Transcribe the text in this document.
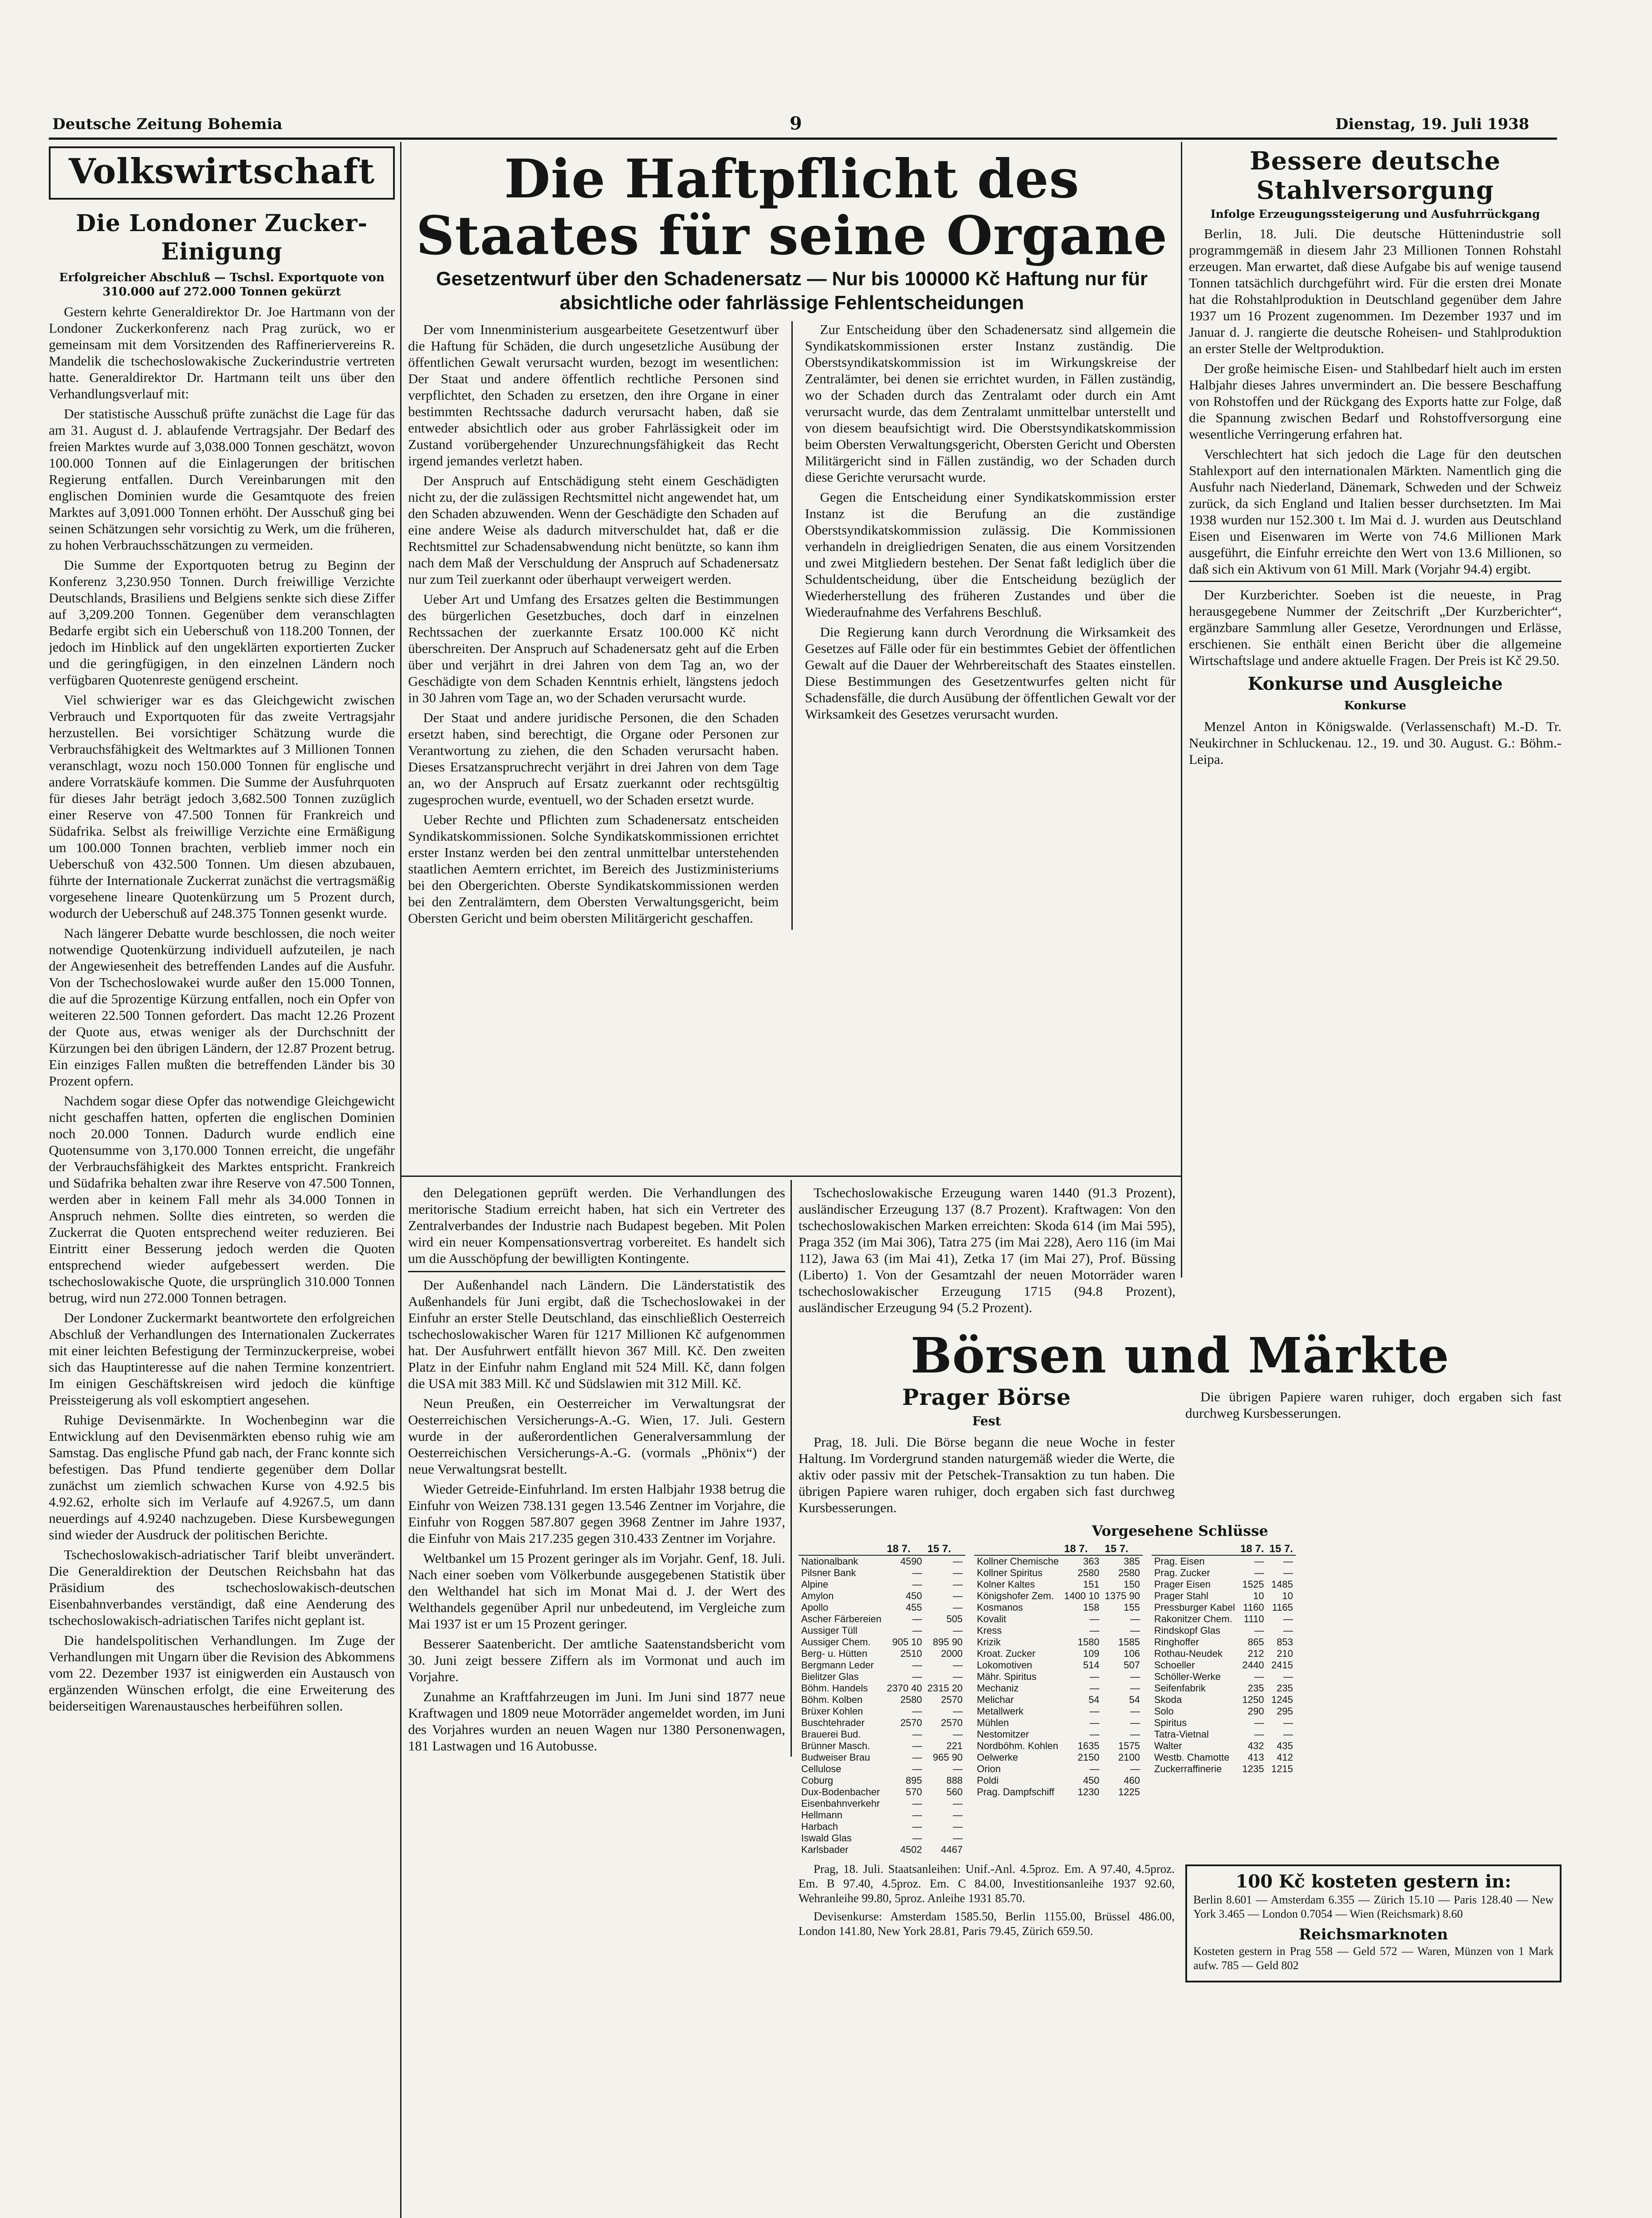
Deutsche Zeitung Bohemia	9	Dienstag, 19. Juli 1938
Volkswirtschaft
Die Londoner Zucker-Einigung
Erfolgreicher Abschluß — Tschsl. Exportquote von 310.000 auf 272.000 Tonnen gekürzt

Gestern kehrte Generaldirektor Dr. Joe Hartmann von der Londoner Zuckerkonferenz nach Prag zurück, wo er gemeinsam mit dem Vorsitzenden des Raffineriervereins R. Mandelik die tschechoslowakische Zuckerindustrie vertreten hatte. Generaldirektor Dr. Hartmann teilt uns über den Verhandlungsverlauf mit:

Der statistische Ausschuß prüfte zunächst die Lage für das am 31. August d. J. ablaufende Vertragsjahr. Der Bedarf des freien Marktes wurde auf 3,038.000 Tonnen geschätzt, wovon 100.000 Tonnen auf die Einlagerungen der britischen Regierung entfallen. Durch Vereinbarungen mit den englischen Dominien wurde die Gesamtquote des freien Marktes auf 3,091.000 Tonnen erhöht. Der Ausschuß ging bei seinen Schätzungen sehr vorsichtig zu Werk, um die früheren, zu hohen Verbrauchsschätzungen zu vermeiden.

Die Summe der Exportquoten betrug zu Beginn der Konferenz 3,230.950 Tonnen. Durch freiwillige Verzichte Deutschlands, Brasiliens und Belgiens senkte sich diese Ziffer auf 3,209.200 Tonnen. Gegenüber dem veranschlagten Bedarfe ergibt sich ein Ueberschuß von 118.200 Tonnen, der jedoch im Hinblick auf den ungeklärten exportierten Zucker und die geringfügigen, in den einzelnen Ländern noch verfügbaren Quotenreste genügend erscheint.

Viel schwieriger war es das Gleichgewicht zwischen Verbrauch und Exportquoten für das zweite Vertragsjahr herzustellen. Bei vorsichtiger Schätzung wurde die Verbrauchsfähigkeit des Weltmarktes auf 3 Millionen Tonnen veranschlagt, wozu noch 150.000 Tonnen für englische und andere Vorratskäufe kommen. Die Summe der Ausfuhrquoten für dieses Jahr beträgt jedoch 3,682.500 Tonnen zuzüglich einer Reserve von 47.500 Tonnen für Frankreich und Südafrika. Selbst als freiwillige Verzichte eine Ermäßigung um 100.000 Tonnen brachten, verblieb immer noch ein Ueberschuß von 432.500 Tonnen. Um diesen abzubauen, führte der Internationale Zuckerrat zunächst die vertragsmäßig vorgesehene lineare Quotenkürzung um 5 Prozent durch, wodurch der Ueberschuß auf 248.375 Tonnen gesenkt wurde.

Nach längerer Debatte wurde beschlossen, die noch weiter notwendige Quotenkürzung individuell aufzuteilen, je nach der Angewiesenheit des betreffenden Landes auf die Ausfuhr. Von der Tschechoslowakei wurde außer den 15.000 Tonnen, die auf die 5prozentige Kürzung entfallen, noch ein Opfer von weiteren 22.500 Tonnen gefordert. Das macht 12.26 Prozent der Quote aus, etwas weniger als der Durchschnitt der Kürzungen bei den übrigen Ländern, der 12.87 Prozent betrug. Ein einziges Fallen mußten die betreffenden Länder bis 30 Prozent opfern.

Nachdem sogar diese Opfer das notwendige Gleichgewicht nicht geschaffen hatten, opferten die englischen Dominien noch 20.000 Tonnen. Dadurch wurde endlich eine Quotensumme von 3,170.000 Tonnen erreicht, die ungefähr der Verbrauchsfähigkeit des Marktes entspricht. Frankreich und Südafrika behalten zwar ihre Reserve von 47.500 Tonnen, werden aber in keinem Fall mehr als 34.000 Tonnen in Anspruch nehmen. Sollte dies eintreten, so werden die Zuckerrat die Quoten entsprechend weiter reduzieren. Bei Eintritt einer Besserung jedoch werden die Quoten entsprechend wieder aufgebessert werden. Die tschechoslowakische Quote, die ursprünglich 310.000 Tonnen betrug, wird nun 272.000 Tonnen betragen.

Der Londoner Zuckermarkt beantwortete den erfolgreichen Abschluß der Verhandlungen des Internationalen Zuckerrates mit einer leichten Befestigung der Terminzuckerpreise, wobei sich das Hauptinteresse auf die nahen Termine konzentriert. Im einigen Geschäftskreisen wird jedoch die künftige Preissteigerung als voll eskomptiert angesehen.

Ruhige Devisenmärkte. In Wochenbeginn war die Entwicklung auf den Devisenmärkten ebenso ruhig wie am Samstag. Das englische Pfund gab nach, der Franc konnte sich befestigen. Das Pfund tendierte gegenüber dem Dollar zunächst um ziemlich schwachen Kurse von 4.92.5 bis 4.92.62, erholte sich im Verlaufe auf 4.9267.5, um dann neuerdings auf 4.9240 nachzugeben. Diese Kursbewegungen sind wieder der Ausdruck der politischen Berichte.

Tschechoslowakisch-adriatischer Tarif bleibt unverändert. Die Generaldirektion der Deutschen Reichsbahn hat das Präsidium des tschechoslowakisch-deutschen Eisenbahnverbandes verständigt, daß eine Aenderung des tschechoslowakisch-adriatischen Tarifes nicht geplant ist.

Die handelspolitischen Verhandlungen. Im Zuge der Verhandlungen mit Ungarn über die Revision des Abkommens vom 22. Dezember 1937 ist einigwerden ein Austausch von ergänzenden Wünschen erfolgt, die eine Erweiterung des beiderseitigen Warenaustausches herbeiführen sollen.

Die Haftpflicht des Staates für seine Organe
Gesetzentwurf über den Schadenersatz — Nur bis 100000 Kč Haftung nur für absichtliche oder fahrlässige Fehlentscheidungen

Der vom Innenministerium ausgearbeitete Gesetzentwurf über die Haftung für Schäden, die durch ungesetzliche Ausübung der öffentlichen Gewalt verursacht wurden, bezogt im wesentlichen: Der Staat und andere öffentlich rechtliche Personen sind verpflichtet, den Schaden zu ersetzen, den ihre Organe in einer bestimmten Rechtssache dadurch verursacht haben, daß sie entweder absichtlich oder aus grober Fahrlässigkeit oder im Zustand vorübergehender Unzurechnungsfähigkeit das Recht irgend jemandes verletzt haben.

Der Anspruch auf Entschädigung steht einem Geschädigten nicht zu, der die zulässigen Rechtsmittel nicht angewendet hat, um den Schaden abzuwenden. Wenn der Geschädigte den Schaden auf eine andere Weise als dadurch mitverschuldet hat, daß er die Rechtsmittel zur Schadensabwendung nicht benützte, so kann ihm nach dem Maß der Verschuldung der Anspruch auf Schadenersatz nur zum Teil zuerkannt oder überhaupt verweigert werden.

Ueber Art und Umfang des Ersatzes gelten die Bestimmungen des bürgerlichen Gesetzbuches, doch darf in einzelnen Rechtssachen der zuerkannte Ersatz 100.000 Kč nicht überschreiten. Der Anspruch auf Schadenersatz geht auf die Erben über und verjährt in drei Jahren von dem Tag an, wo der Geschädigte von dem Schaden Kenntnis erhielt, längstens jedoch in 30 Jahren vom Tage an, wo der Schaden verursacht wurde.

Der Staat und andere juridische Personen, die den Schaden ersetzt haben, sind berechtigt, die Organe oder Personen zur Verantwortung zu ziehen, die den Schaden verursacht haben. Dieses Ersatzanspruchrecht verjährt in drei Jahren von dem Tage an, wo der Anspruch auf Ersatz zuerkannt oder rechtsgültig zugesprochen wurde, eventuell, wo der Schaden ersetzt wurde.

Ueber Rechte und Pflichten zum Schadenersatz entscheiden Syndikatskommissionen. Solche Syndikatskommissionen errichtet erster Instanz werden bei den zentral unmittelbar unterstehenden staatlichen Aemtern errichtet, im Bereich des Justizministeriums bei den Obergerichten. Oberste Syndikatskommissionen werden bei den Zentralämtern, dem Obersten Verwaltungsgericht, beim Obersten Gericht und beim obersten Militärgericht geschaffen.

Zur Entscheidung über den Schadenersatz sind allgemein die Syndikatskommissionen erster Instanz zuständig. Die Oberstsyndikatskommission ist im Wirkungskreise der Zentralämter, bei denen sie errichtet wurden, in Fällen zuständig, wo der Schaden durch das Zentralamt oder durch ein Amt verursacht wurde, das dem Zentralamt unmittelbar unterstellt und von diesem beaufsichtigt wird. Die Oberstsyndikatskommission beim Obersten Verwaltungsgericht, Obersten Gericht und Obersten Militärgericht sind in Fällen zuständig, wo der Schaden durch diese Gerichte verursacht wurde.

Gegen die Entscheidung einer Syndikatskommission erster Instanz ist die Berufung an die zuständige Oberstsyndikatskommission zulässig. Die Kommissionen verhandeln in dreigliedrigen Senaten, die aus einem Vorsitzenden und zwei Mitgliedern bestehen. Der Senat faßt lediglich über die Schuldentscheidung, über die Entscheidung bezüglich der Wiederherstellung des früheren Zustandes und über die Wiederaufnahme des Verfahrens Beschluß.

Die Regierung kann durch Verordnung die Wirksamkeit des Gesetzes auf Fälle oder für ein bestimmtes Gebiet der öffentlichen Gewalt auf die Dauer der Wehrbereitschaft des Staates einstellen. Diese Bestimmungen des Gesetzentwurfes gelten nicht für Schadensfälle, die durch Ausübung der öffentlichen Gewalt vor der Wirksamkeit des Gesetzes verursacht wurden.

Bessere deutsche Stahlversorgung
Infolge Erzeugungssteigerung und Ausfuhrrückgang

Berlin, 18. Juli. Die deutsche Hüttenindustrie soll programmgemäß in diesem Jahr 23 Millionen Tonnen Rohstahl erzeugen. Man erwartet, daß diese Aufgabe bis auf wenige tausend Tonnen tatsächlich durchgeführt wird. Für die ersten drei Monate hat die Rohstahlproduktion in Deutschland gegenüber dem Jahre 1937 um 16 Prozent zugenommen. Im Dezember 1937 und im Januar d. J. rangierte die deutsche Roheisen- und Stahlproduktion an erster Stelle der Weltproduktion.

Der große heimische Eisen- und Stahlbedarf hielt auch im ersten Halbjahr dieses Jahres unvermindert an. Die bessere Beschaffung von Rohstoffen und der Rückgang des Exports hatte zur Folge, daß die Spannung zwischen Bedarf und Rohstoffversorgung eine wesentliche Verringerung erfahren hat.

Verschlechtert hat sich jedoch die Lage für den deutschen Stahlexport auf den internationalen Märkten. Namentlich ging die Ausfuhr nach Niederland, Dänemark, Schweden und der Schweiz zurück, da sich England und Italien besser durchsetzten. Im Mai 1938 wurden nur 152.300 t. Im Mai d. J. wurden aus Deutschland Eisen und Eisenwaren im Werte von 74.6 Millionen Mark ausgeführt, die Einfuhr erreichte den Wert von 13.6 Millionen, so daß sich ein Aktivum von 61 Mill. Mark (Vorjahr 94.4) ergibt.

Der Kurzberichter. Soeben ist die neueste, in Prag herausgegebene Nummer der Zeitschrift „Der Kurzberichter“, ergänzbare Sammlung aller Gesetze, Verordnungen und Erlässe, erschienen. Sie enthält einen Bericht über die allgemeine Wirtschaftslage und andere aktuelle Fragen. Der Preis ist Kč 29.50.

Konkurse und Ausgleiche
Konkurse

Menzel Anton in Königswalde. (Verlassenschaft) M.-D. Tr. Neukirchner in Schluckenau. 12., 19. und 30. August. G.: Böhm.-Leipa.

den Delegationen geprüft werden. Die Verhandlungen des meritorische Stadium erreicht haben, hat sich ein Vertreter des Zentralverbandes der Industrie nach Budapest begeben. Mit Polen wird ein neuer Kompensationsvertrag vorbereitet. Es handelt sich um die Ausschöpfung der bewilligten Kontingente.

Der Außenhandel nach Ländern. Die Länderstatistik des Außenhandels für Juni ergibt, daß die Tschechoslowakei in der Einfuhr an erster Stelle Deutschland, das einschließlich Oesterreich tschechoslowakischer Waren für 1217 Millionen Kč aufgenommen hat. Der Ausfuhrwert entfällt hievon 367 Mill. Kč. Den zweiten Platz in der Einfuhr nahm England mit 524 Mill. Kč, dann folgen die USA mit 383 Mill. Kč und Südslawien mit 312 Mill. Kč.

Neun Preußen, ein Oesterreicher im Verwaltungsrat der Oesterreichischen Versicherungs-A.-G. Wien, 17. Juli. Gestern wurde in der außerordentlichen Generalversammlung der Oesterreichischen Versicherungs-A.-G. (vormals „Phönix“) der neue Verwaltungsrat bestellt.

Wieder Getreide-Einfuhrland. Im ersten Halbjahr 1938 betrug die Einfuhr von Weizen 738.131 gegen 13.546 Zentner im Vorjahre, die Einfuhr von Roggen 587.807 gegen 3968 Zentner im Jahre 1937, die Einfuhr von Mais 217.235 gegen 310.433 Zentner im Vorjahre.

Weltbankel um 15 Prozent geringer als im Vorjahr. Genf, 18. Juli. Nach einer soeben vom Völkerbunde ausgegebenen Statistik über den Welthandel hat sich im Monat Mai d. J. der Wert des Welthandels gegenüber April nur unbedeutend, im Vergleiche zum Mai 1937 ist er um 15 Prozent geringer.

Besserer Saatenbericht. Der amtliche Saatenstandsbericht vom 30. Juni zeigt bessere Ziffern als im Vormonat und auch im Vorjahre.

Zunahme an Kraftfahrzeugen im Juni. Im Juni sind 1877 neue Kraftwagen und 1809 neue Motorräder angemeldet worden, im Juni des Vorjahres wurden an neuen Wagen nur 1380 Personenwagen, 181 Lastwagen und 16 Autobusse.

Tschechoslowakische Erzeugung waren 1440 (91.3 Prozent), ausländischer Erzeugung 137 (8.7 Prozent). Kraftwagen: Von den tschechoslowakischen Marken erreichten: Skoda 614 (im Mai 595), Praga 352 (im Mai 306), Tatra 275 (im Mai 228), Aero 116 (im Mai 112), Jawa 63 (im Mai 41), Zetka 17 (im Mai 27), Prof. Büssing (Liberto) 1. Von der Gesamtzahl der neuen Motorräder waren tschechoslowakischer Erzeugung 1715 (94.8 Prozent), ausländischer Erzeugung 94 (5.2 Prozent).

Börsen und Märkte
Prager Börse
Fest

Prag, 18. Juli. Die Börse begann die neue Woche in fester Haltung. Im Vordergrund standen naturgemäß wieder die Werte, die aktiv oder passiv mit der Petschek-Transaktion zu tun haben. Die übrigen Papiere waren ruhiger, doch ergaben sich fast durchweg Kursbesserungen.

Die übrigen Papiere waren ruhiger, doch ergaben sich fast durchweg Kursbesserungen.

Vorgesehene Schlüsse
	18 7.	15 7.
Nationalbank	4590	—
Pilsner Bank	—	—
Alpine	—	—
Amylon	450	—
Apollo	455	—
Ascher Färbereien	—	505
Aussiger Tüll	—	—
Aussiger Chem.	905 10	895 90
Berg- u. Hütten	2510	2000
Bergmann Leder	—	—
Bielitzer Glas	—	—
Böhm. Handels	2370 40	2315 20
Böhm. Kolben	2580	2570
Brüxer Kohlen	—	—
Buschtehrader	2570	2570
Brauerei Bud.	—	—
Brünner Masch.	—	221
Budweiser Brau	—	965 90
Cellulose	—	—
Coburg	895	888
Dux-Bodenbacher	570	560
Eisenbahnverkehr	—	—
Hellmann	—	—
Harbach	—	—
Iswald Glas	—	—
Karlsbader	4502	4467
	18 7.	15 7.
Kollner Chemische	363	385
Kollner Spiritus	2580	2580
Kolner Kaltes	151	150
Königshofer Zem.	1400 10	1375 90
Kosmanos	158	155
Kovalit	—	—
Kress	—	—
Krizik	1580	1585
Kroat. Zucker	109	106
Lokomotiven	514	507
Mähr. Spiritus	—	—
Mechaniz	—	—
Melichar	54	54
Metallwerk	—	—
Mühlen	—	—
Nestomitzer	—	—
Nordböhm. Kohlen	1635	1575
Oelwerke	2150	2100
Orion	—	—
Poldi	450	460
Prag. Dampfschiff	1230	1225
	18 7.	15 7.
Prag. Eisen	—	—
Prag. Zucker	—	—
Prager Eisen	1525	1485
Prager Stahl	10	10
Pressburger Kabel	1160	1165
Rakonitzer Chem.	1110	—
Rindskopf Glas	—	—
Ringhoffer	865	853
Rothau-Neudek	212	210
Schoeller	2440	2415
Schöller-Werke	—	—
Seifenfabrik	235	235
Skoda	1250	1245
Solo	290	295
Spiritus	—	—
Tatra-Vietnal	—	—
Walter	432	435
Westb. Chamotte	413	412
Zuckerraffinerie	1235	1215

Prag, 18. Juli. Staatsanleihen: Unif.-Anl. 4.5proz. Em. A 97.40, 4.5proz. Em. B 97.40, 4.5proz. Em. C 84.00, Investitionsanleihe 1937 92.60, Wehranleihe 99.80, 5proz. Anleihe 1931 85.70.

Devisenkurse: Amsterdam 1585.50, Berlin 1155.00, Brüssel 486.00, London 141.80, New York 28.81, Paris 79.45, Zürich 659.50.

100 Kč kosteten gestern in:

Berlin 8.601 — Amsterdam 6.355 — Zürich 15.10 — Paris 128.40 — New York 3.465 — London 0.7054 — Wien (Reichsmark) 8.60

Reichsmarknoten

Kosteten gestern in Prag 558 — Geld 572 — Waren, Münzen von 1 Mark aufw. 785 — Geld 802
